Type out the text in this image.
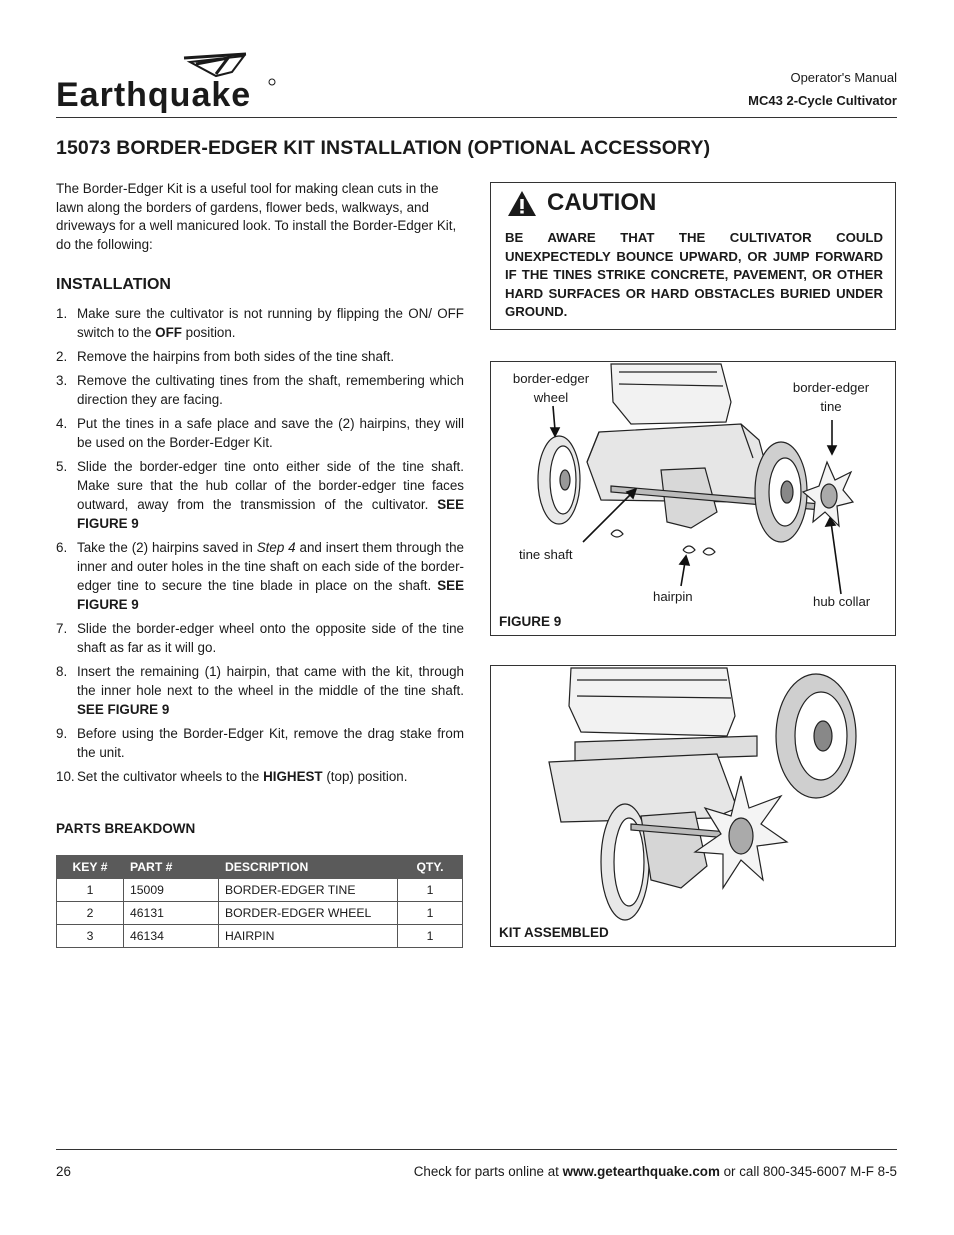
Earthquake	Operator's Manual
MC43 2-Cycle Cultivator
15073 BORDER-EDGER KIT INSTALLATION (OPTIONAL ACCESSORY)
The Border-Edger Kit is a useful tool for making clean cuts in the lawn along the borders of gardens, flower beds, walkways, and driveways for a well manicured look. To install the Border-Edger Kit, do the following:
INSTALLATION
1. Make sure the cultivator is not running by flipping the ON/ OFF switch to the OFF position.
2. Remove the hairpins from both sides of the tine shaft.
3. Remove the cultivating tines from the shaft, remembering which direction they are facing.
4. Put the tines in a safe place and save the (2) hairpins, they will be used on the Border-Edger Kit.
5. Slide the border-edger tine onto either side of the tine shaft. Make sure that the hub collar of the border-edger tine faces outward, away from the transmission of the cultivator. SEE FIGURE 9
6. Take the (2) hairpins saved in Step 4 and insert them through the inner and outer holes in the tine shaft on each side of the border-edger tine to secure the tine blade in place on the shaft. SEE FIGURE 9
7. Slide the border-edger wheel onto the opposite side of the tine shaft as far as it will go.
8. Insert the remaining (1) hairpin, that came with the kit, through the inner hole next to the wheel in the middle of the tine shaft. SEE FIGURE 9
9. Before using the Border-Edger Kit, remove the drag stake from the unit.
10. Set the cultivator wheels to the HIGHEST (top) position.
PARTS BREAKDOWN
KEY #	PART #	DESCRIPTION	QTY.
1	15009	BORDER-EDGER TINE	1
2	46131	BORDER-EDGER WHEEL	1
3	46134	HAIRPIN	1
CAUTION
BE AWARE THAT THE CULTIVATOR COULD UNEXPECTEDLY BOUNCE UPWARD, OR JUMP FORWARD IF THE TINES STRIKE CONCRETE, PAVEMENT, OR OTHER HARD SURFACES OR HARD OBSTACLES BURIED UNDER GROUND.
border-edger
wheel
border-edger
tine
tine shaft
hairpin	hub collar
FIGURE 9
KIT ASSEMBLED
26	Check for parts online at www.getearthquake.com or call 800-345-6007 M-F 8-5
